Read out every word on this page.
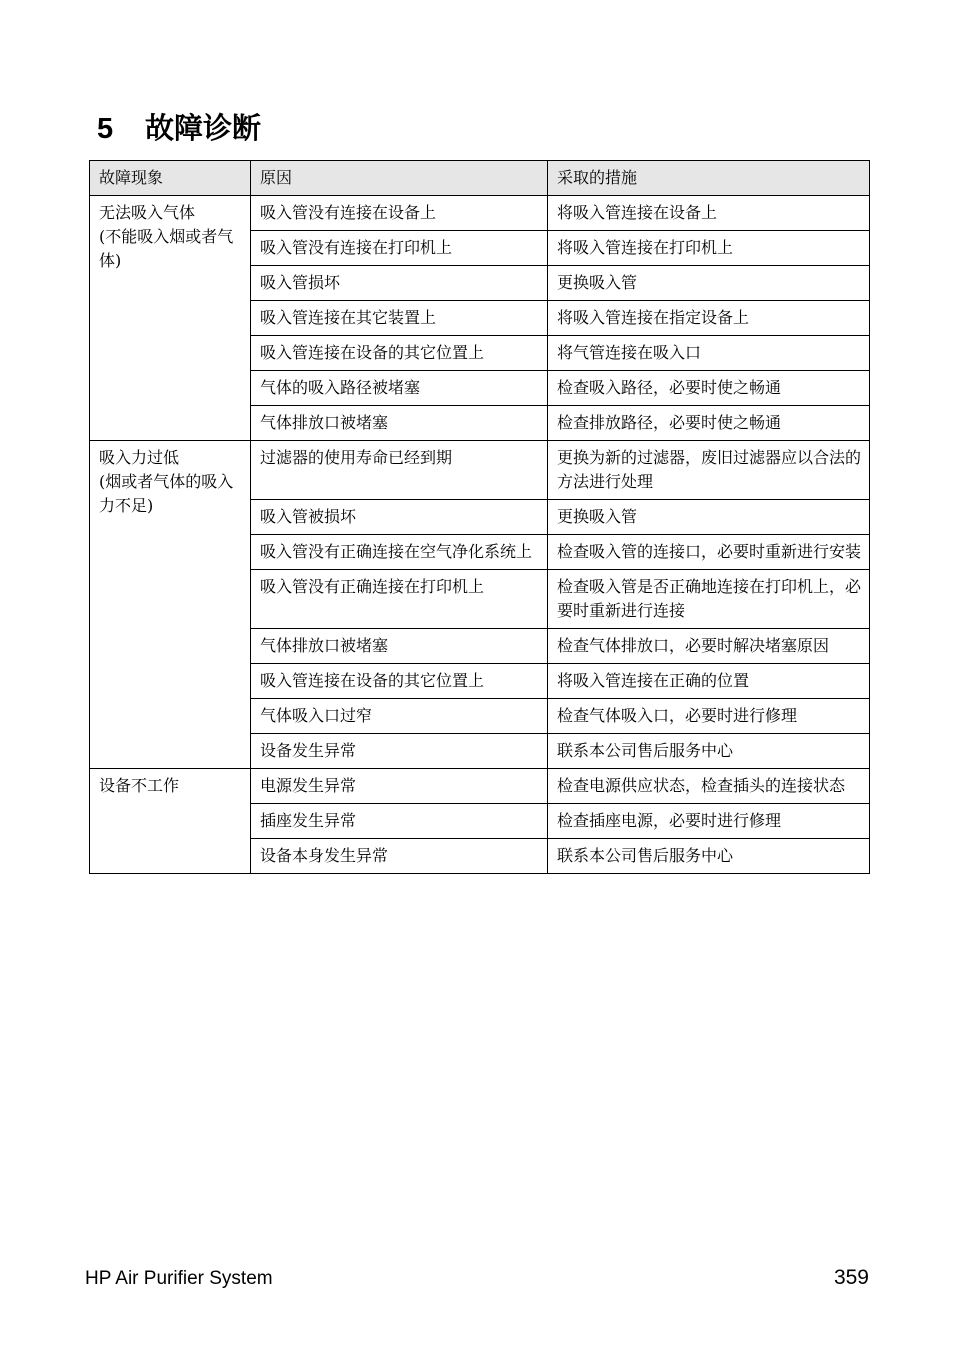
5 故障诊断
故障现象	原因	采取的措施
无法吸入气体
(不能吸入烟或者气体)	吸入管没有连接在设备上	将吸入管连接在设备上
	吸入管没有连接在打印机上	将吸入管连接在打印机上
	吸入管损坏	更换吸入管
	吸入管连接在其它装置上	将吸入管连接在指定设备上
	吸入管连接在设备的其它位置上	将气管连接在吸入口
	气体的吸入路径被堵塞	检查吸入路径，必要时使之畅通
	气体排放口被堵塞	检查排放路径，必要时使之畅通
吸入力过低
(烟或者气体的吸入力不足)	过滤器的使用寿命已经到期	更换为新的过滤器，废旧过滤器应以合法的方法进行处理
	吸入管被损坏	更换吸入管
	吸入管没有正确连接在空气净化系统上	检查吸入管的连接口，必要时重新进行安装
	吸入管没有正确连接在打印机上	检查吸入管是否正确地连接在打印机上，必要时重新进行连接
	气体排放口被堵塞	检查气体排放口，必要时解决堵塞原因
	吸入管连接在设备的其它位置上	将吸入管连接在正确的位置
	气体吸入口过窄	检查气体吸入口，必要时进行修理
	设备发生异常	联系本公司售后服务中心
设备不工作	电源发生异常	检查电源供应状态，检查插头的连接状态
	插座发生异常	检查插座电源，必要时进行修理
	设备本身发生异常	联系本公司售后服务中心
HP Air Purifier System	359
